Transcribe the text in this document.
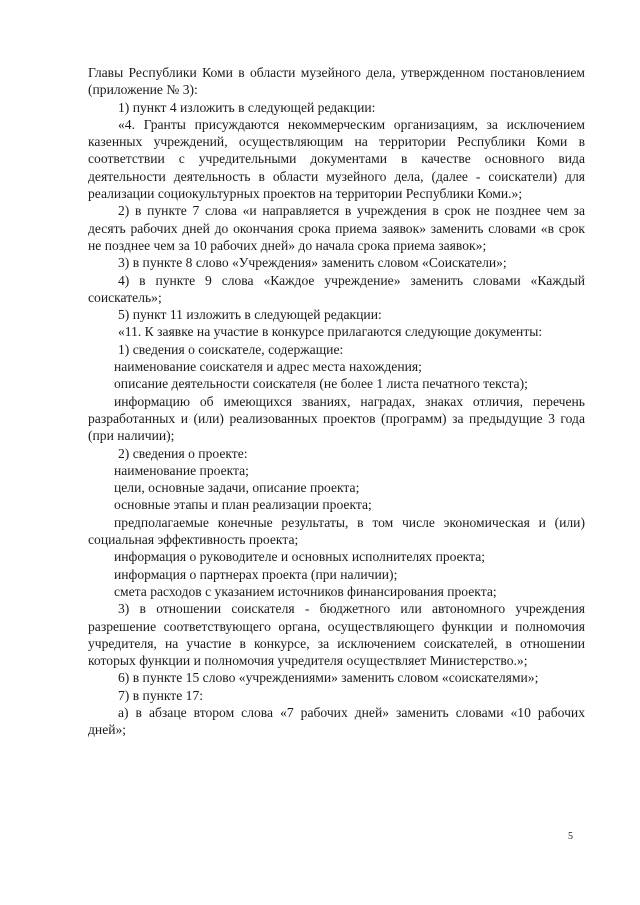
Главы Республики Коми в области музейного дела, утвержденном постановлением (приложение № 3):

1) пункт 4 изложить в следующей редакции:

«4. Гранты присуждаются некоммерческим организациям, за исключением казенных учреждений, осуществляющим на территории Республики Коми в соответствии с учредительными документами в качестве основного вида деятельности деятельность в области музейного дела, (далее - соискатели) для реализации социокультурных проектов на территории Республики Коми.»;

2) в пункте 7 слова «и направляется в учреждения в срок не позднее чем за десять рабочих дней до окончания срока приема заявок» заменить словами «в срок не позднее чем за 10 рабочих дней» до начала срока приема заявок»;

3) в пункте 8 слово «Учреждения» заменить словом «Соискатели»;

4) в пункте 9 слова «Каждое учреждение» заменить словами «Каждый соискатель»;

5) пункт 11 изложить в следующей редакции:

«11. К заявке на участие в конкурсе прилагаются следующие документы:

1) сведения о соискателе, содержащие:

наименование соискателя и адрес места нахождения;

описание деятельности соискателя (не более 1 листа печатного текста);

информацию об имеющихся званиях, наградах, знаках отличия, перечень разработанных и (или) реализованных проектов (программ) за предыдущие 3 года (при наличии);

2) сведения о проекте:

наименование проекта;

цели, основные задачи, описание проекта;

основные этапы и план реализации проекта;

предполагаемые конечные результаты, в том числе экономическая и (или) социальная эффективность проекта;

информация о руководителе и основных исполнителях проекта;

информация о партнерах проекта (при наличии);

смета расходов с указанием источников финансирования проекта;

3) в отношении соискателя - бюджетного или автономного учреждения разрешение соответствующего органа, осуществляющего функции и полномочия учредителя, на участие в конкурсе, за исключением соискателей, в отношении которых функции и полномочия учредителя осуществляет Министерство.»;

6) в пункте 15 слово «учреждениями» заменить словом «соискателями»;

7) в пункте 17:

а) в абзаце втором слова «7 рабочих дней» заменить словами «10 рабочих дней»;

5
